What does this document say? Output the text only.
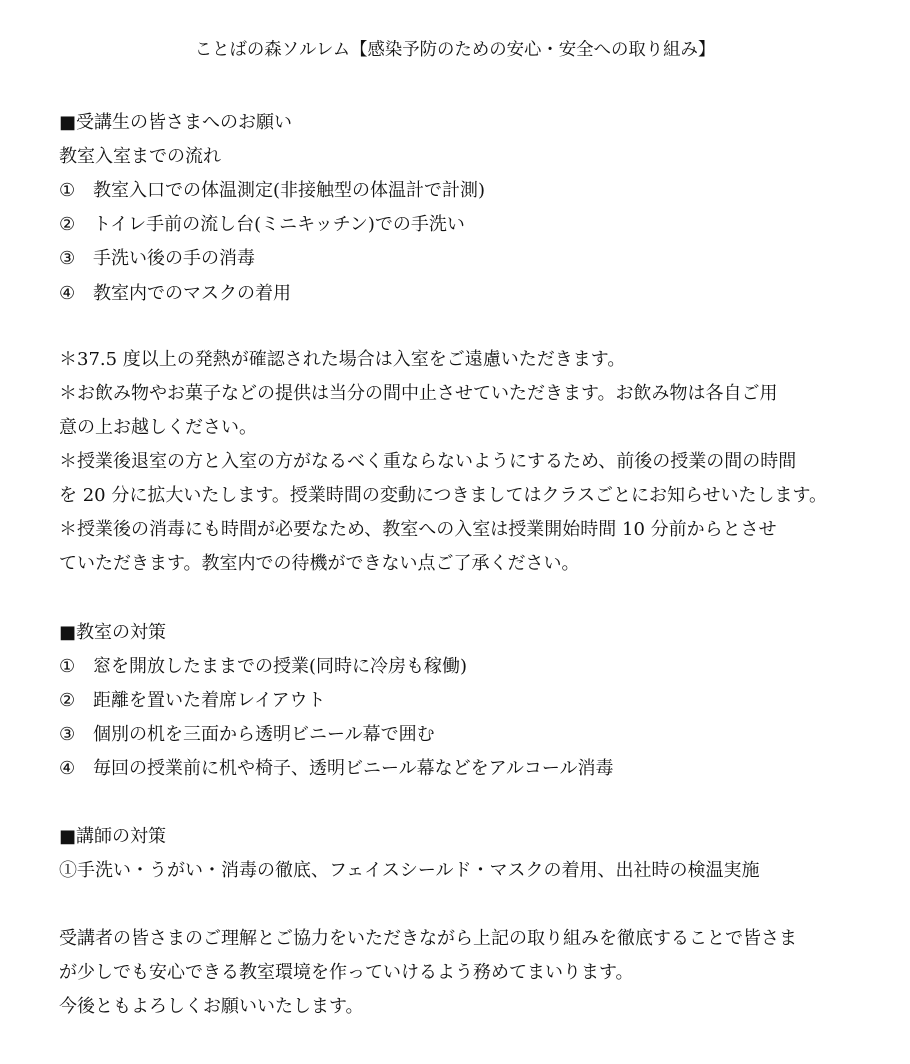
ことばの森ソルレム【感染予防のための安心・安全への取り組み】
■受講生の皆さまへのお願い
教室入室までの流れ
① 教室入口での体温測定(非接触型の体温計で計測)
② トイレ手前の流し台(ミニキッチン)での手洗い
③ 手洗い後の手の消毒
④ 教室内でのマスクの着用
＊37.5 度以上の発熱が確認された場合は入室をご遠慮いただきます。
＊お飲み物やお菓子などの提供は当分の間中止させていただきます。お飲み物は各自ご用
意の上お越しください。
＊授業後退室の方と入室の方がなるべく重ならないようにするため、前後の授業の間の時間
を 20 分に拡大いたします。授業時間の変動につきましてはクラスごとにお知らせいたします。
＊授業後の消毒にも時間が必要なため、教室への入室は授業開始時間 10 分前からとさせ
ていただきます。教室内での待機ができない点ご了承ください。
■教室の対策
① 窓を開放したままでの授業(同時に冷房も稼働)
② 距離を置いた着席レイアウト
③ 個別の机を三面から透明ビニール幕で囲む
④ 毎回の授業前に机や椅子、透明ビニール幕などをアルコール消毒
■講師の対策
①手洗い・うがい・消毒の徹底、フェイスシールド・マスクの着用、出社時の検温実施
受講者の皆さまのご理解とご協力をいただきながら上記の取り組みを徹底することで皆さま
が少しでも安心できる教室環境を作っていけるよう務めてまいります。
今後ともよろしくお願いいたします。
